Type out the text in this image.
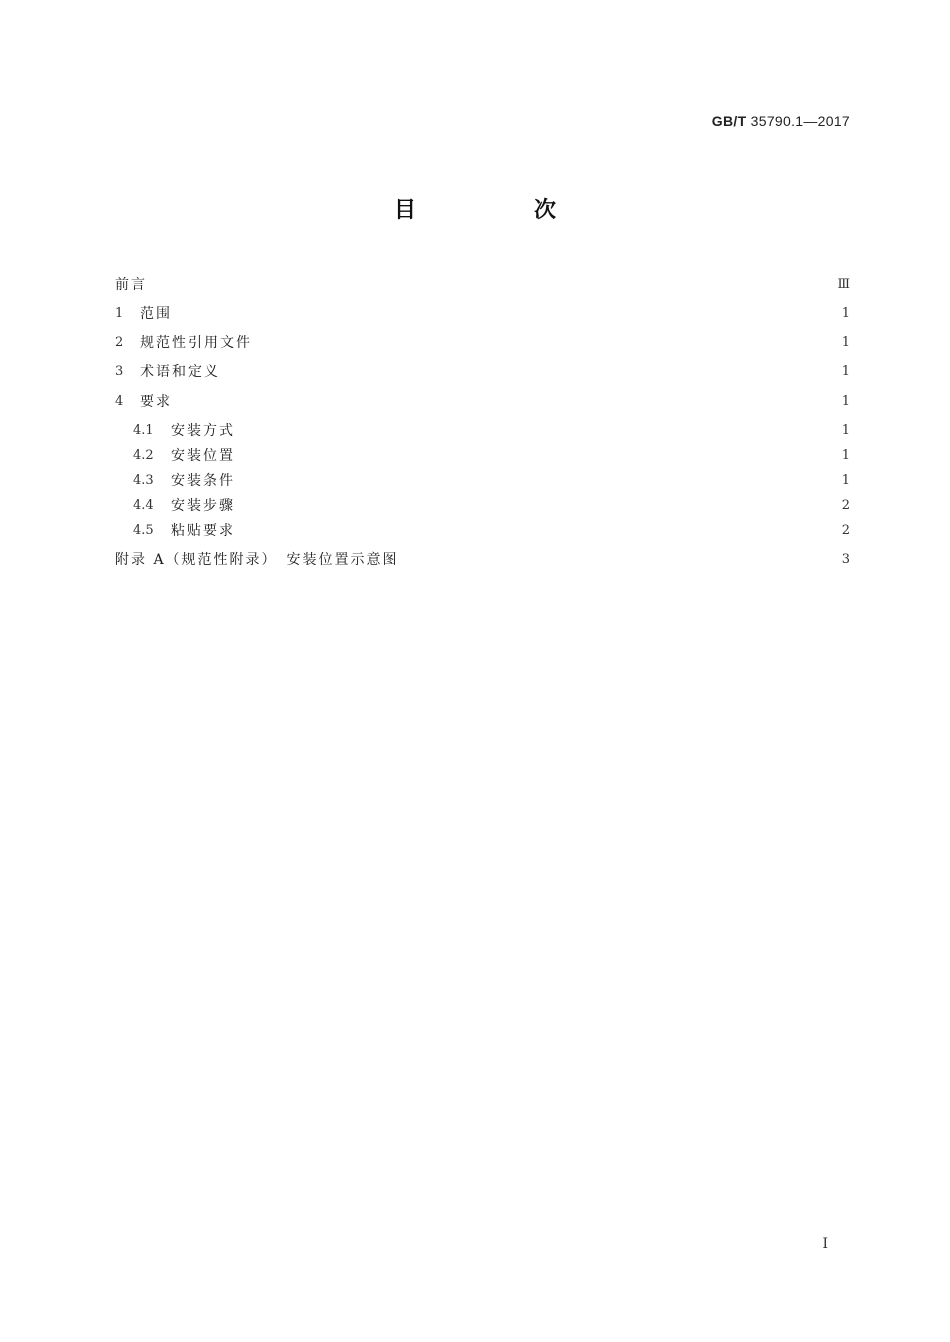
GB/T 35790.1—2017
目　次
前言	Ⅲ
1	范围	1
2	规范性引用文件	1
3	术语和定义	1
4	要求	1
4.1	安装方式	1
4.2	安装位置	1
4.3	安装条件	1
4.4	安装步骤	2
4.5	粘贴要求	2
附录 A（规范性附录）　安装位置示意图	3
I
